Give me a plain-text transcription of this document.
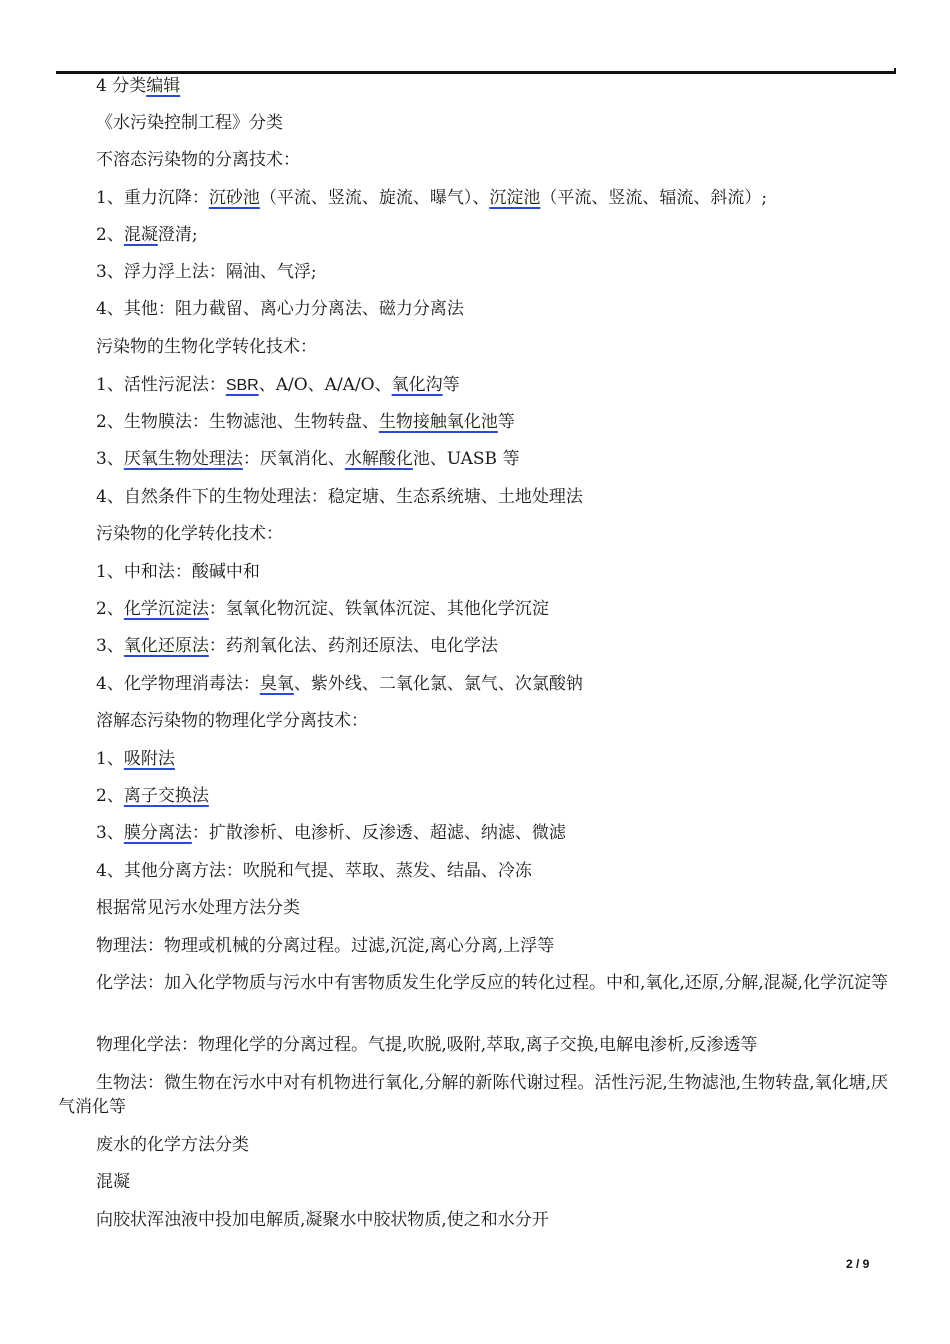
4 分类编辑
《水污染控制工程》分类
不溶态污染物的分离技术：
1、重力沉降：沉砂池（平流、竖流、旋流、曝气）、沉淀池（平流、竖流、辐流、斜流）;
2、混凝澄清;
3、浮力浮上法：隔油、气浮;
4、其他：阻力截留、离心力分离法、磁力分离法
污染物的生物化学转化技术：
1、活性污泥法：SBR、A/O、A/A/O、氧化沟等
2、生物膜法：生物滤池、生物转盘、生物接触氧化池等
3、厌氧生物处理法：厌氧消化、水解酸化池、UASB 等
4、自然条件下的生物处理法：稳定塘、生态系统塘、土地处理法
污染物的化学转化技术：
1、中和法：酸碱中和
2、化学沉淀法：氢氧化物沉淀、铁氧体沉淀、其他化学沉淀
3、氧化还原法：药剂氧化法、药剂还原法、电化学法
4、化学物理消毒法：臭氧、紫外线、二氧化氯、氯气、次氯酸钠
溶解态污染物的物理化学分离技术：
1、吸附法
2、离子交换法
3、膜分离法：扩散渗析、电渗析、反渗透、超滤、纳滤、微滤
4、其他分离方法：吹脱和气提、萃取、蒸发、结晶、冷冻
根据常见污水处理方法分类
物理法：物理或机械的分离过程。过滤,沉淀,离心分离,上浮等
化学法：加入化学物质与污水中有害物质发生化学反应的转化过程。中和,氧化,还原,分解,混凝,化学沉淀等
物理化学法：物理化学的分离过程。气提,吹脱,吸附,萃取,离子交换,电解电渗析,反渗透等
生物法：微生物在污水中对有机物进行氧化,分解的新陈代谢过程。活性污泥,生物滤池,生物转盘,氧化塘,厌气消化等
废水的化学方法分类
混凝
向胶状浑浊液中投加电解质,凝聚水中胶状物质,使之和水分开
2 / 9
